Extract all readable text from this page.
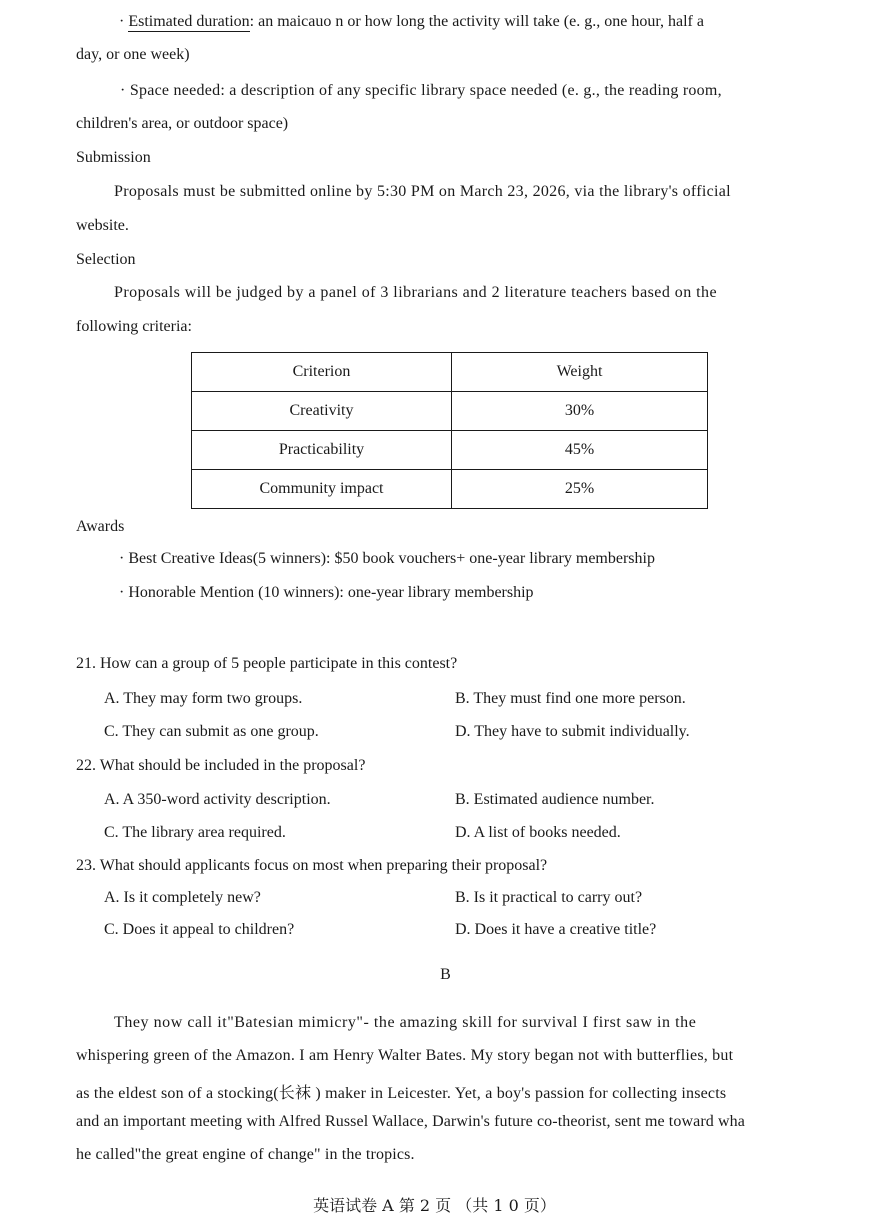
· Estimated duration: an maicauo n or how long the activity will take (e. g., one hour, half a
day, or one week)
· Space needed: a description of any specific library space needed (e. g., the reading room,
children's area, or outdoor space)
Submission
Proposals must be submitted online by 5:30 PM on March 23, 2026, via the library's official
website.
Selection
Proposals will be judged by a panel of 3 librarians and 2 literature teachers based on the
following criteria:
Criterion	Weight
Creativity	30%
Practicability	45%
Community impact	25%
Awards
· Best Creative Ideas(5 winners): $50 book vouchers+ one-year library membership
· Honorable Mention (10 winners): one-year library membership
21. How can a group of 5 people participate in this contest?
A. They may form two groups.	B. They must find one more person.
C. They can submit as one group.	D. They have to submit individually.
22. What should be included in the proposal?
A. A 350-word activity description.	B. Estimated audience number.
C. The library area required.	D. A list of books needed.
23. What should applicants focus on most when preparing their proposal?
A. Is it completely new?	B. Is it practical to carry out?
C. Does it appeal to children?	D. Does it have a creative title?
B
They now call it"Batesian mimicry"- the amazing skill for survival I first saw in the
whispering green of the Amazon. I am Henry Walter Bates. My story began not with butterflies, but
as the eldest son of a stocking(长袜 ) maker in Leicester. Yet, a boy's passion for collecting insects
and an important meeting with Alfred Russel Wallace, Darwin's future co-theorist, sent me toward wha
he called"the great engine of change" in the tropics.
英语试卷 A 第 2 页 （共 1 0 页）
